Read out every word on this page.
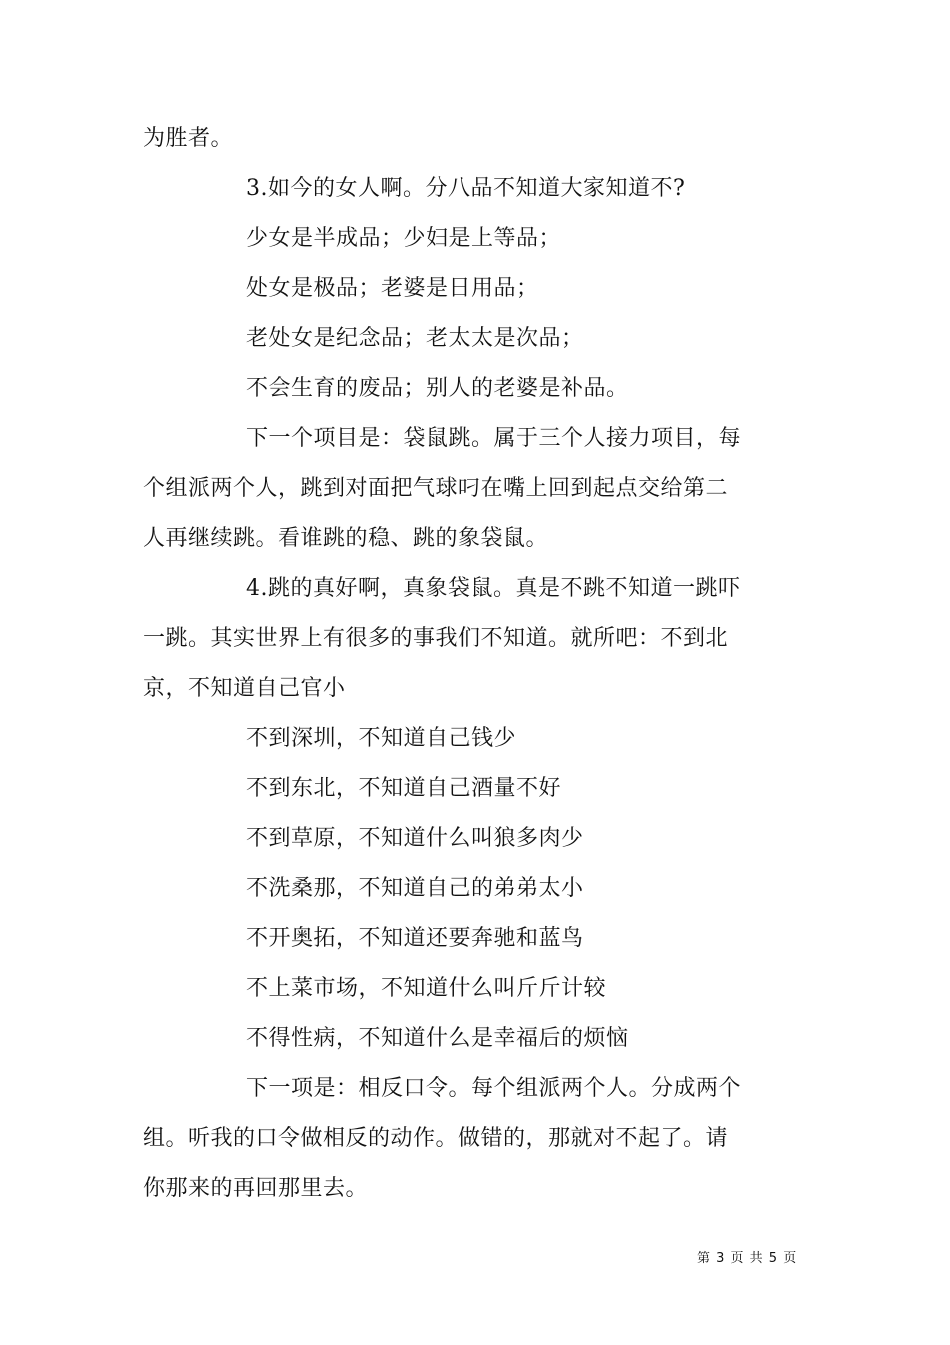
为胜者。
3.如今的女人啊。分八品不知道大家知道不?
少女是半成品；少妇是上等品；
处女是极品；老婆是日用品；
老处女是纪念品；老太太是次品；
不会生育的废品；别人的老婆是补品。
下一个项目是：袋鼠跳。属于三个人接力项目，每
个组派两个人，跳到对面把气球叼在嘴上回到起点交给第二
人再继续跳。看谁跳的稳、跳的象袋鼠。
4.跳的真好啊，真象袋鼠。真是不跳不知道一跳吓
一跳。其实世界上有很多的事我们不知道。就所吧：不到北
京，不知道自己官小
不到深圳，不知道自己钱少
不到东北，不知道自己酒量不好
不到草原，不知道什么叫狼多肉少
不洗桑那，不知道自己的弟弟太小
不开奥拓，不知道还要奔驰和蓝鸟
不上菜市场，不知道什么叫斤斤计较
不得性病，不知道什么是幸福后的烦恼
下一项是：相反口令。每个组派两个人。分成两个
组。听我的口令做相反的动作。做错的，那就对不起了。请
你那来的再回那里去。
第 3 页 共 5 页
